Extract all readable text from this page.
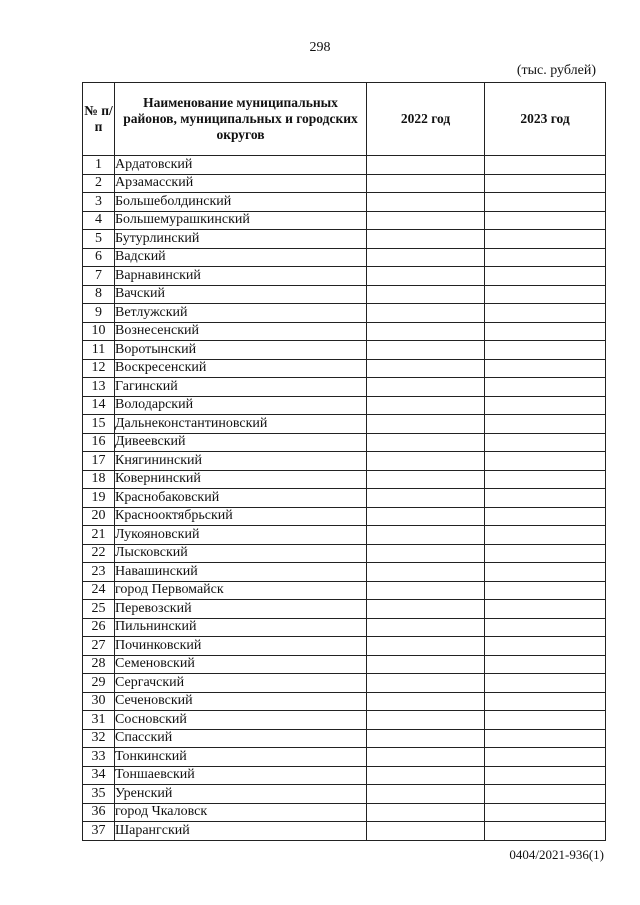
298
(тыс. рублей)
№ п/п	Наименование муниципальных районов, муниципальных и городских округов	2022 год	2023 год
1	Ардатовский		
2	Арзамасский		
3	Большеболдинский		
4	Большемурашкинский		
5	Бутурлинский		
6	Вадский		
7	Варнавинский		
8	Вачский		
9	Ветлужский		
10	Вознесенский		
11	Воротынский		
12	Воскресенский		
13	Гагинский		
14	Володарский		
15	Дальнеконстантиновский		
16	Дивеевский		
17	Княгининский		
18	Ковернинский		
19	Краснобаковский		
20	Краснооктябрьский		
21	Лукояновский		
22	Лысковский		
23	Навашинский		
24	город Первомайск		
25	Перевозский		
26	Пильнинский		
27	Починковский		
28	Семеновский		
29	Сергачский		
30	Сеченовский		
31	Сосновский		
32	Спасский		
33	Тонкинский		
34	Тоншаевский		
35	Уренский		
36	город Чкаловск		
37	Шарангский		
0404/2021-936(1)
